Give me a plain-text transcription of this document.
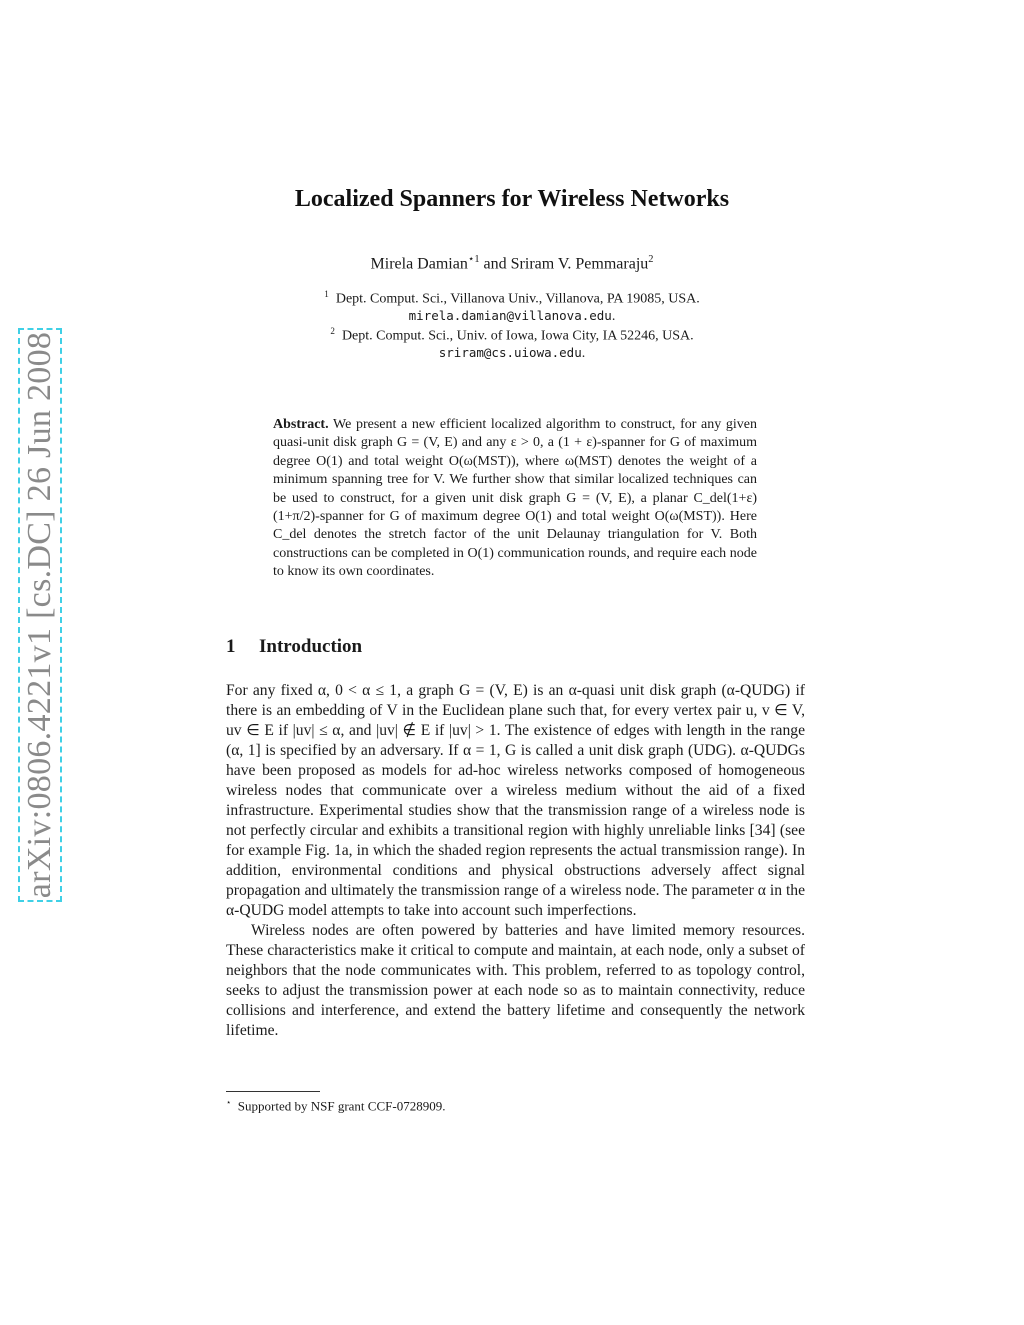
arXiv:0806.4221v1 [cs.DC] 26 Jun 2008
Localized Spanners for Wireless Networks
Mirela Damian$^{⋆1}$ and Sriram V. Pemmaraju$^2$
$^1$ Dept. Comput. Sci., Villanova Univ., Villanova, PA 19085, USA.
mirela.damian@villanova.edu.
$^2$ Dept. Comput. Sci., Univ. of Iowa, Iowa City, IA 52246, USA.
sriram@cs.uiowa.edu.
Abstract. We present a new efficient localized algorithm to construct, for any given quasi-unit disk graph G = (V, E) and any ε > 0, a (1 + ε)-spanner for G of maximum degree O(1) and total weight O(ω(MST)), where ω(MST) denotes the weight of a minimum spanning tree for V. We further show that similar localized techniques can be used to construct, for a given unit disk graph G = (V, E), a planar C_del(1+ε)(1+π/2)-spanner for G of maximum degree O(1) and total weight O(ω(MST)). Here C_del denotes the stretch factor of the unit Delaunay triangulation for V. Both constructions can be completed in O(1) communication rounds, and require each node to know its own coordinates.
1 Introduction

For any fixed α, 0 < α ≤ 1, a graph G = (V, E) is an α-quasi unit disk graph (α-QUDG) if there is an embedding of V in the Euclidean plane such that, for every vertex pair u, v ∈ V, uv ∈ E if |uv| ≤ α, and |uv| ∉ E if |uv| > 1. The existence of edges with length in the range (α, 1] is specified by an adversary. If α = 1, G is called a unit disk graph (UDG). α-QUDGs have been proposed as models for ad-hoc wireless networks composed of homogeneous wireless nodes that communicate over a wireless medium without the aid of a fixed infrastructure. Experimental studies show that the transmission range of a wireless node is not perfectly circular and exhibits a transitional region with highly unreliable links [34] (see for example Fig. 1a, in which the shaded region represents the actual transmission range). In addition, environmental conditions and physical obstructions adversely affect signal propagation and ultimately the transmission range of a wireless node. The parameter α in the α-QUDG model attempts to take into account such imperfections.

Wireless nodes are often powered by batteries and have limited memory resources. These characteristics make it critical to compute and maintain, at each node, only a subset of neighbors that the node communicates with. This problem, referred to as topology control, seeks to adjust the transmission power at each node so as to maintain connectivity, reduce collisions and interference, and extend the battery lifetime and consequently the network lifetime.

⋆ Supported by NSF grant CCF-0728909.
